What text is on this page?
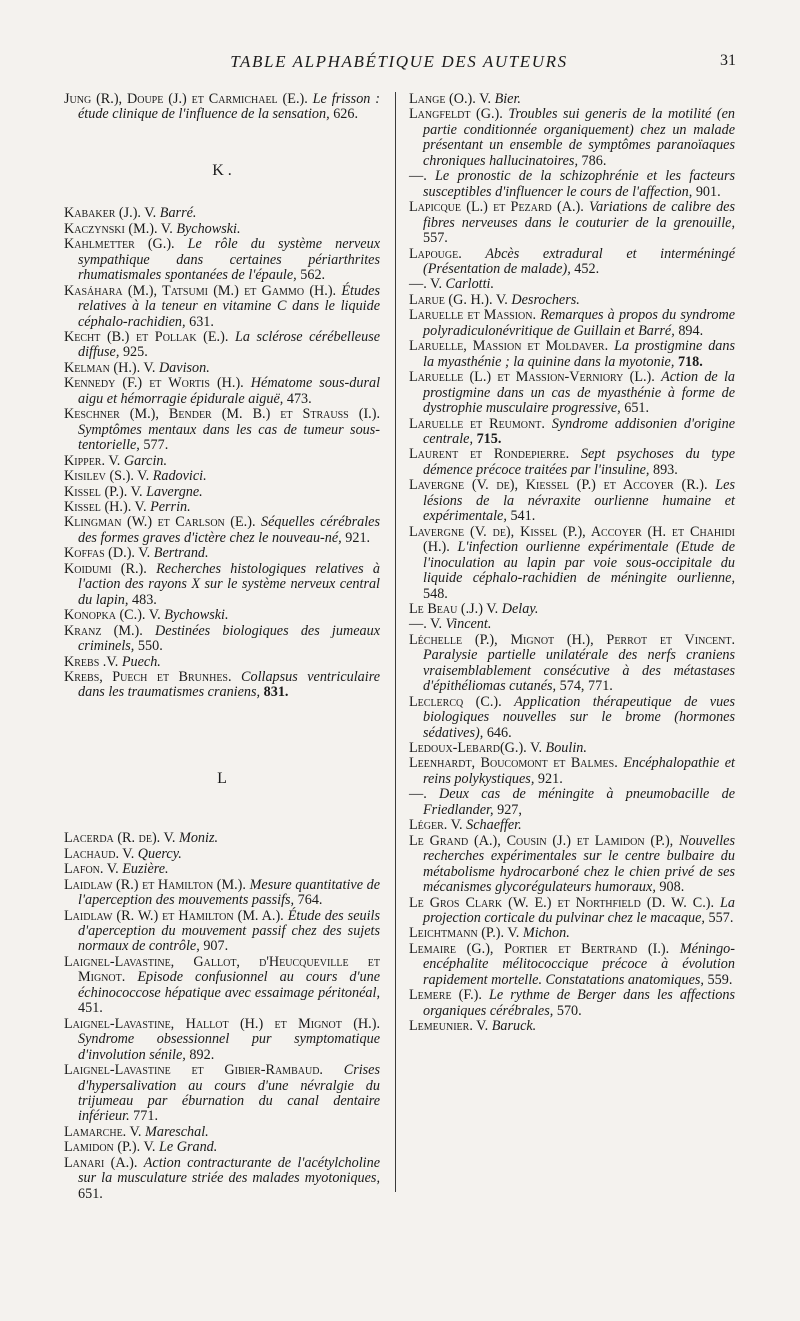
TABLE ALPHABÉTIQUE DES AUTEURS	31

Jung (R.), Doupe (J.) et Carmichael (E.). Le frisson : étude clinique de l'influence de la sensation, 626.

K .

Kabaker (J.). V. Barré.

Kaczynski (M.). V. Bychowski.

Kahlmetter (G.). Le rôle du système nerveux sympathique dans certaines périarthrites rhumatismales spontanées de l'épaule, 562.

Kasáhara (M.), Tatsumi (M.) et Gammo (H.). Études relatives à la teneur en vitamine C dans le liquide céphalo-rachidien, 631.

Kecht (B.) et Pollak (E.). La sclérose cérébelleuse diffuse, 925.

Kelman (H.). V. Davison.

Kennedy (F.) et Wortis (H.). Hématome sous-dural aigu et hémorragie épidurale aiguë, 473.

Keschner (M.), Bender (M. B.) et Strauss (I.). Symptômes mentaux dans les cas de tumeur sous-tentorielle, 577.

Kipper. V. Garcin.

Kisilev (S.). V. Radovici.

Kissel (P.). V. Lavergne.

Kissel (H.). V. Perrin.

Klingman (W.) et Carlson (E.). Séquelles cérébrales des formes graves d'ictère chez le nouveau-né, 921.

Koffas (D.). V. Bertrand.

Koidumi (R.). Recherches histologiques relatives à l'action des rayons X sur le système nerveux central du lapin, 483.

Konopka (C.). V. Bychowski.

Kranz (M.). Destinées biologiques des jumeaux criminels, 550.

Krebs .V. Puech.

Krebs, Puech et Brunhes. Collapsus ventriculaire dans les traumatismes craniens, 831.

L

Lacerda (R. de). V. Moniz.

Lachaud. V. Quercy.

Lafon. V. Euzière.

Laidlaw (R.) et Hamilton (M.). Mesure quantitative de l'aperception des mouvements passifs, 764.

Laidlaw (R. W.) et Hamilton (M. A.). Étude des seuils d'aperception du mouvement passif chez des sujets normaux de contrôle, 907.

Laignel-Lavastine, Gallot, d'Heucqueville et Mignot. Episode confusionnel au cours d'une échinococcose hépatique avec essaimage péritonéal, 451.

Laignel-Lavastine, Hallot (H.) et Mignot (H.). Syndrome obsessionnel pur symptomatique d'involution sénile, 892.

Laignel-Lavastine et Gibier-Rambaud. Crises d'hypersalivation au cours d'une névralgie du trijumeau par éburnation du canal dentaire inférieur. 771.

Lamarche. V. Mareschal.

Lamidon (P.). V. Le Grand.

Lanari (A.). Action contracturante de l'acétylcholine sur la musculature striée des malades myotoniques, 651.

Lange (O.). V. Bier.

Langfeldt (G.). Troubles sui generis de la motilité (en partie conditionnée organiquement) chez un malade présentant un ensemble de symptômes paranoïaques chroniques hallucinatoires, 786.

—. Le pronostic de la schizophrénie et les facteurs susceptibles d'influencer le cours de l'affection, 901.

Lapicque (L.) et Pezard (A.). Variations de calibre des fibres nerveuses dans le couturier de la grenouille, 557.

Lapouge. Abcès extradural et interméningé (Présentation de malade), 452.

—. V. Carlotti.

Larue (G. H.). V. Desrochers.

Laruelle et Massion. Remarques à propos du syndrome polyradiculonévritique de Guillain et Barré, 894.

Laruelle, Massion et Moldaver. La prostigmine dans la myasthénie ; la quinine dans la myotonie, 718.

Laruelle (L.) et Massion-Verniory (L.). Action de la prostigmine dans un cas de myasthénie à forme de dystrophie musculaire progressive, 651.

Laruelle et Reumont. Syndrome addisonien d'origine centrale, 715.

Laurent et Rondepierre. Sept psychoses du type démence précoce traitées par l'insuline, 893.

Lavergne (V. de), Kiessel (P.) et Accoyer (R.). Les lésions de la névraxite ourlienne humaine et expérimentale, 541.

Lavergne (V. de), Kissel (P.), Accoyer (H. et Chahidi (H.). L'infection ourlienne expérimentale (Etude de l'inoculation au lapin par voie sous-occipitale du liquide céphalo-rachidien de méningite ourlienne, 548.

Le Beau (.J.) V. Delay.

—. V. Vincent.

Léchelle (P.), Mignot (H.), Perrot et Vincent. Paralysie partielle unilatérale des nerfs craniens vraisemblablement consécutive à des métastases d'épithéliomas cutanés, 574, 771.

Leclercq (C.). Application thérapeutique de vues biologiques nouvelles sur le brome (hormones sédatives), 646.

Ledoux-Lebard(G.). V. Boulin.

Leenhardt, Boucomont et Balmes. Encéphalopathie et reins polykystiques, 921.

—. Deux cas de méningite à pneumobacille de Friedlander, 927,

Léger. V. Schaeffer.

Le Grand (A.), Cousin (J.) et Lamidon (P.), Nouvelles recherches expérimentales sur le centre bulbaire du métabolisme hydrocarboné chez le chien privé de ses mécanismes glycorégulateurs humoraux, 908.

Le Gros Clark (W. E.) et Northfield (D. W. C.). La projection corticale du pulvinar chez le macaque, 557.

Leichtmann (P.). V. Michon.

Lemaire (G.), Portier et Bertrand (I.). Méningo-encéphalite mélitococcique précoce à évolution rapidement mortelle. Constatations anatomiques, 559.

Lemere (F.). Le rythme de Berger dans les affections organiques cérébrales, 570.

Lemeunier. V. Baruck.
